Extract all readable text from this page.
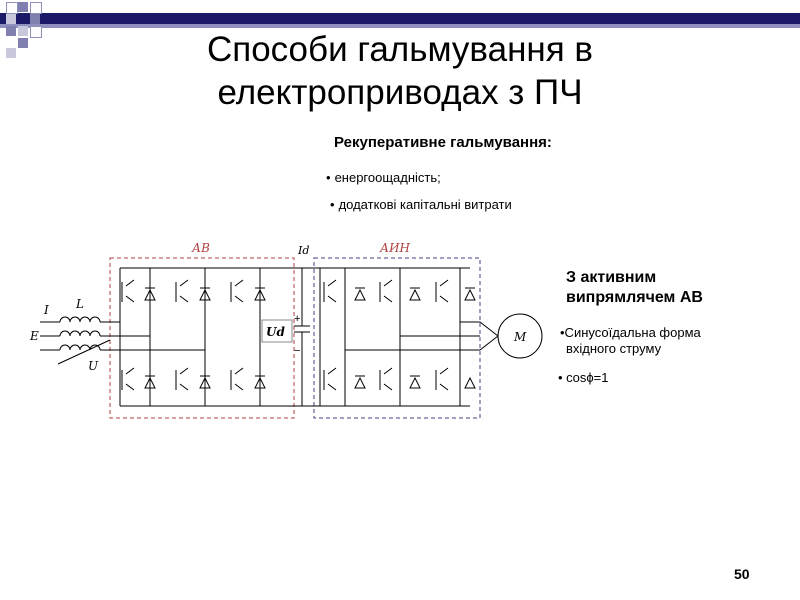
Способи гальмування в
електроприводах з ПЧ
Рекуперативне гальмування:
• енергоощадність;
• додаткові капітальні витрати
АВ	АИН
Id
Ud
+
−
M
I L
E
U
З активним
випрямлячем АВ
•Синусоїдальна форма
вхідного струму
• cosϕ=1
50
